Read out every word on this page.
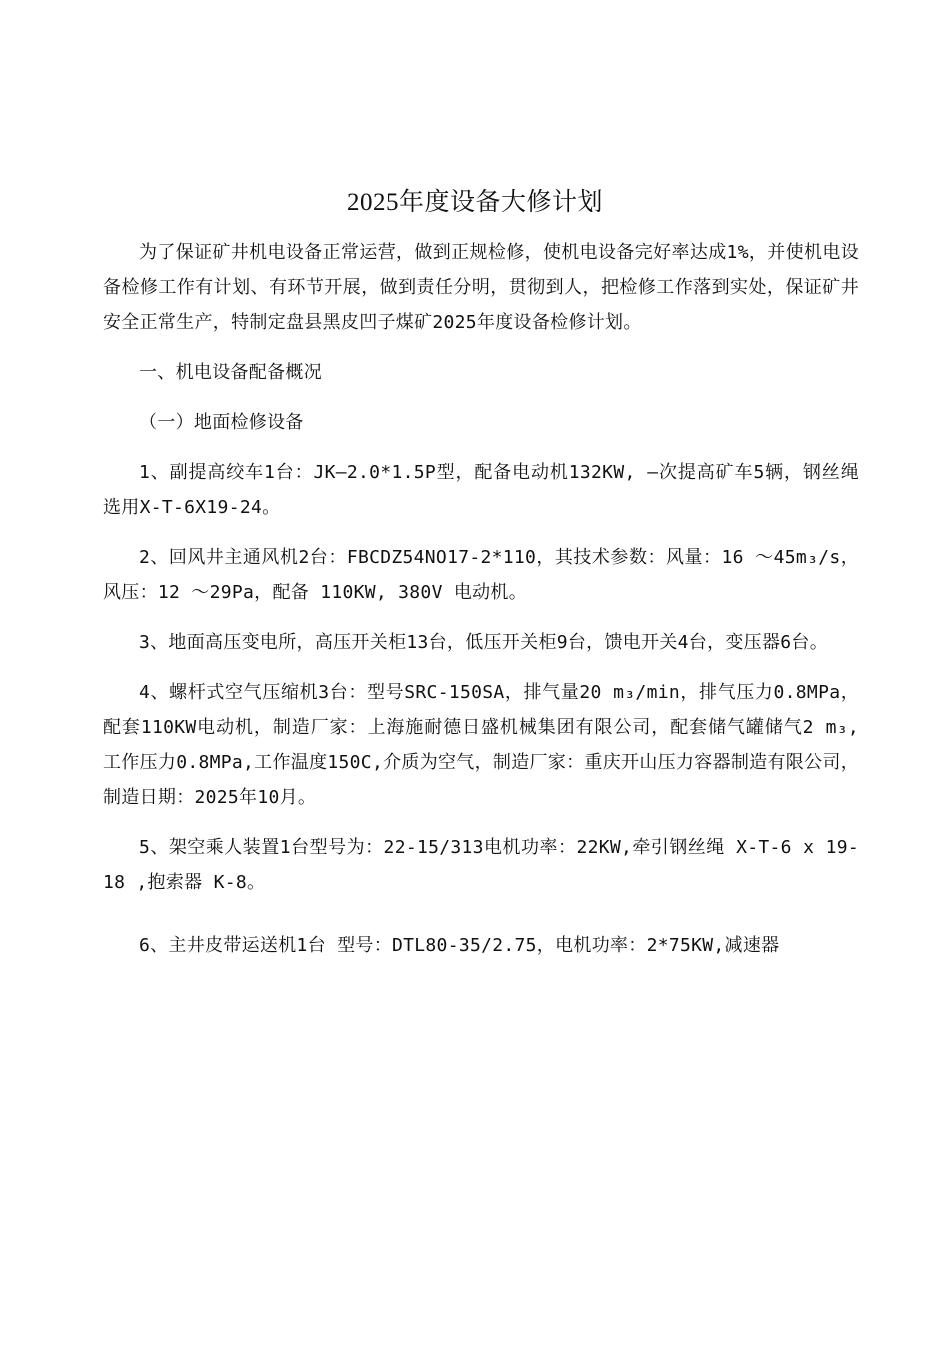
2025年度设备大修计划

为了保证矿井机电设备正常运营，做到正规检修，使机电设备完好率达成1%，并使机电设备检修工作有计划、有环节开展，做到责任分明，贯彻到人，把检修工作落到实处，保证矿井安全正常生产，特制定盘县黑皮凹子煤矿2025年度设备检修计划。

一、机电设备配备概况

（一）地面检修设备

1、副提高绞车1台：JK—2.0*1.5P型，配备电动机132KW, —次提高矿车5辆，钢丝绳选用X-T-6X19-24。

2、回风井主通风机2台：FBCDZ54NO17-2*110，其技术参数：风量：16 ～45m₃/s，风压：12 ～29Pa，配备 110KW, 380V 电动机。

3、地面高压变电所，高压开关柜13台，低压开关柜9台，馈电开关4台，变压器6台。

4、螺杆式空气压缩机3台：型号SRC-150SA，排气量20 m₃/min，排气压力0.8MPa，配套110KW电动机，制造厂家：上海施耐德日盛机械集团有限公司，配套储气罐储气2 m₃, 工作压力0.8MPa,工作温度150C,介质为空气，制造厂家：重庆开山压力容器制造有限公司，制造日期：2025年10月。

5、架空乘人装置1台型号为：22-15/313电机功率：22KW,牵引钢丝绳 X-T-6 x 19-18 ,抱索器 K-8。

6、主井皮带运送机1台 型号：DTL80-35/2.75，电机功率：2*75KW,减速器
